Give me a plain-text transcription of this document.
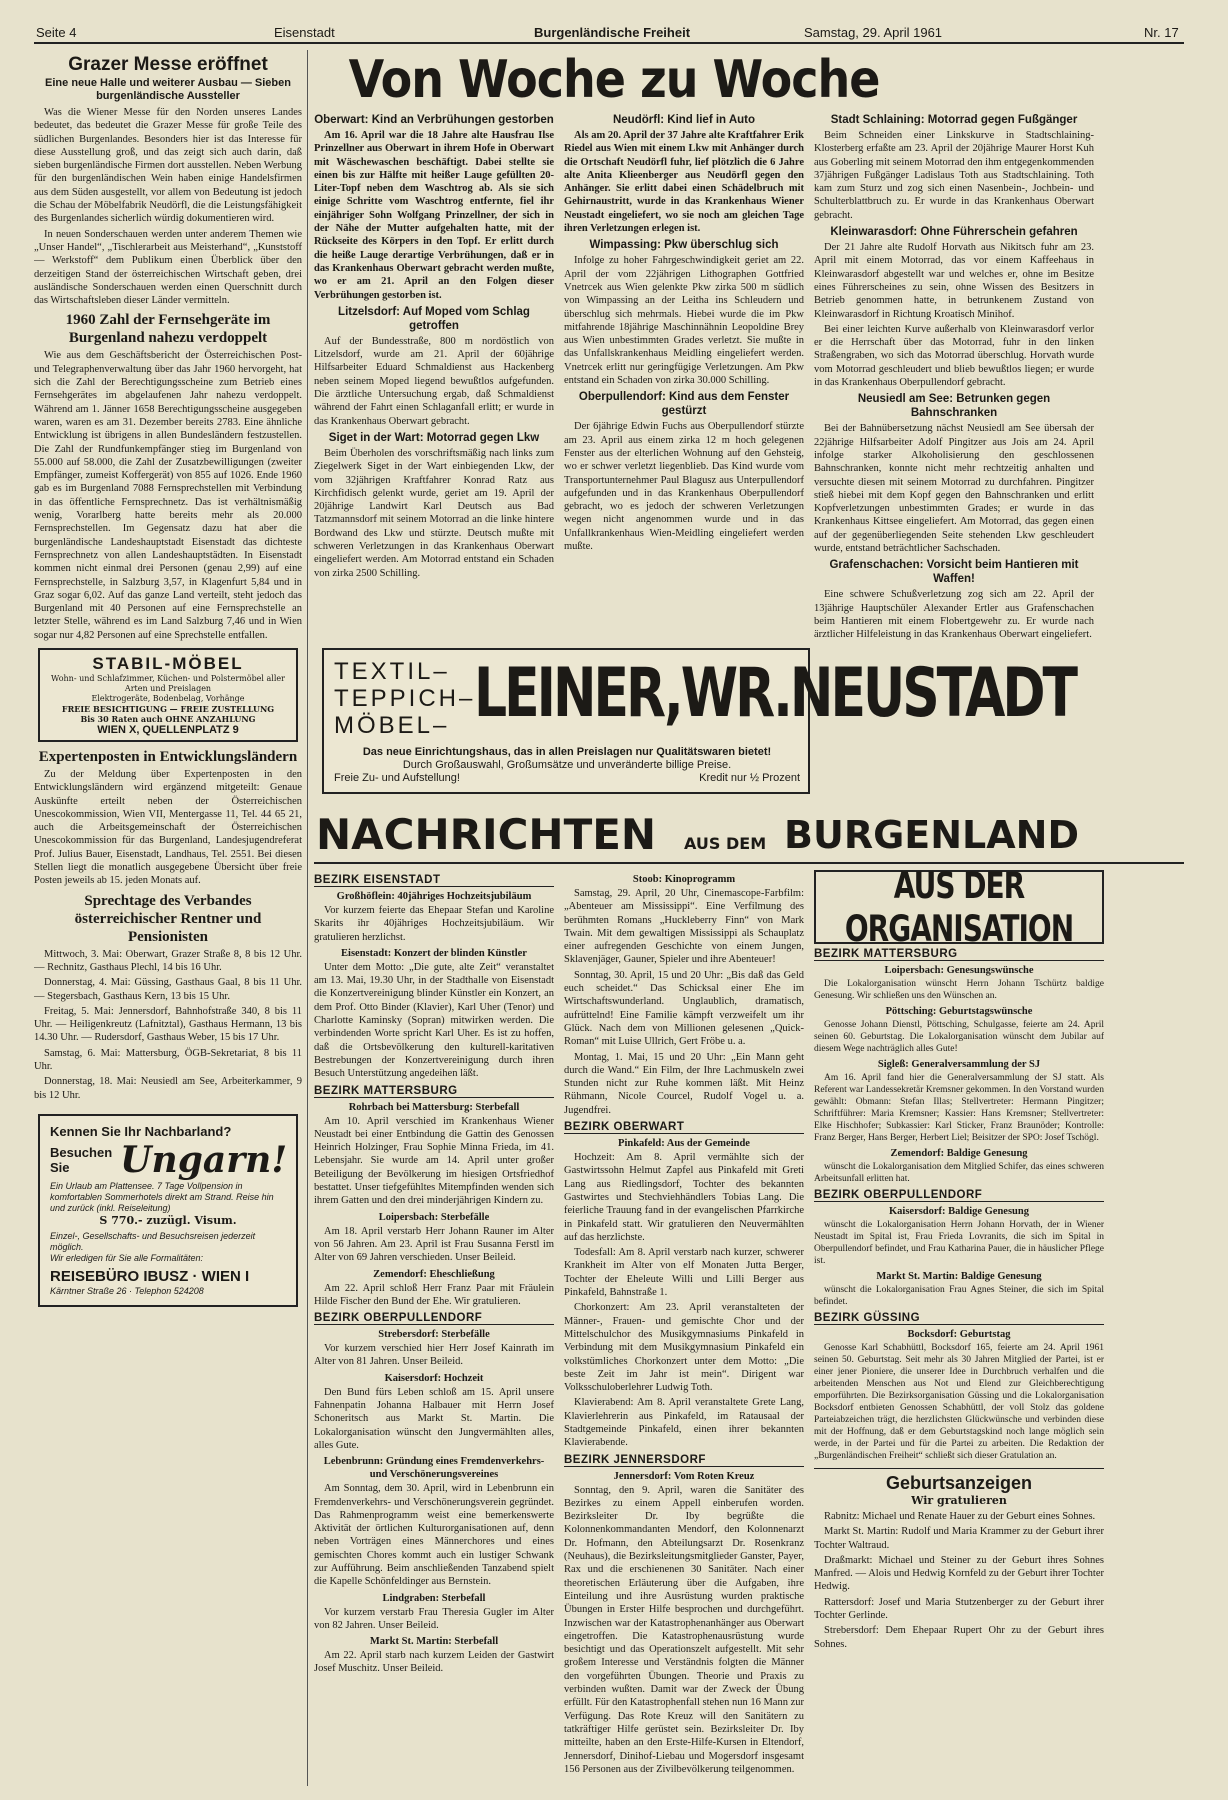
Seite 4	Eisenstadt	Burgenländische Freiheit	Samstag, 29. April 1961	Nr. 17
Grazer Messe eröffnet
Eine neue Halle und weiterer Ausbau — Sieben burgenländische Aussteller

Was die Wiener Messe für den Norden unseres Landes bedeutet, das bedeutet die Grazer Messe für große Teile des südlichen Burgenlandes. Besonders hier ist das Interesse für diese Ausstellung groß, und das zeigt sich auch darin, daß sieben burgenländische Firmen dort ausstellen. Neben Werbung für den burgenländischen Wein haben einige Handelsfirmen aus dem Süden ausgestellt, vor allem von Bedeutung ist jedoch die Schau der Möbelfabrik Neudörfl, die die Leistungsfähigkeit des Burgenlandes sicherlich würdig dokumentieren wird.

In neuen Sonderschauen werden unter anderem Themen wie „Unser Handel“, „Tischlerarbeit aus Meisterhand“, „Kunststoff — Werkstoff“ dem Publikum einen Überblick über den derzeitigen Stand der österreichischen Wirtschaft geben, drei ausländische Sonderschauen werden einen Querschnitt durch das Wirtschaftsleben dieser Länder vermitteln.

1960 Zahl der Fernsehgeräte im Burgenland nahezu verdoppelt

Wie aus dem Geschäftsbericht der Österreichischen Post- und Telegraphenverwaltung über das Jahr 1960 hervorgeht, hat sich die Zahl der Berechtigungsscheine zum Betrieb eines Fernsehgerätes im abgelaufenen Jahr nahezu verdoppelt. Während am 1. Jänner 1658 Berechtigungsscheine ausgegeben waren, waren es am 31. Dezember bereits 2783. Eine ähnliche Entwicklung ist übrigens in allen Bundesländern festzustellen. Die Zahl der Rundfunkempfänger stieg im Burgenland von 55.000 auf 58.000, die Zahl der Zusatzbewilligungen (zweiter Empfänger, zumeist Koffergerät) von 855 auf 1026. Ende 1960 gab es im Burgenland 7088 Fernsprechstellen mit Verbindung in das öffentliche Fernsprechnetz. Das ist verhältnismäßig wenig, Vorarlberg hatte bereits mehr als 20.000 Fernsprechstellen. Im Gegensatz dazu hat aber die burgenländische Landeshauptstadt Eisenstadt das dichteste Fernsprechnetz von allen Landeshauptstädten. In Eisenstadt kommen nicht einmal drei Personen (genau 2,99) auf eine Fernsprechstelle, in Salzburg 3,57, in Klagenfurt 5,84 und in Graz sogar 6,02. Auf das ganze Land verteilt, steht jedoch das Burgenland mit 40 Personen auf eine Fernsprechstelle an letzter Stelle, während es im Land Salzburg 7,46 und in Wien sogar nur 4,82 Personen auf eine Sprechstelle entfallen.

STABIL-MÖBEL
Wohn- und Schlafzimmer, Küchen- und Polstermöbel aller Arten und Preislagen
Elektrogeräte, Bodenbelag, Vorhänge
FREIE BESICHTIGUNG — FREIE ZUSTELLUNG
Bis 30 Raten auch OHNE ANZAHLUNG
WIEN X, QUELLENPLATZ 9
Expertenposten in Entwicklungsländern

Zu der Meldung über Expertenposten in den Entwicklungsländern wird ergänzend mitgeteilt: Genaue Auskünfte erteilt neben der Österreichischen Unescokommission, Wien VII, Mentergasse 11, Tel. 44 65 21, auch die Arbeitsgemeinschaft der Österreichischen Unescokommission für das Burgenland, Landesjugendreferat Prof. Julius Bauer, Eisenstadt, Landhaus, Tel. 2551. Bei diesen Stellen liegt die monatlich ausgegebene Übersicht über freie Posten jeweils ab 15. jeden Monats auf.

Sprechtage des Verbandes österreichischer Rentner und Pensionisten

Mittwoch, 3. Mai: Oberwart, Grazer Straße 8, 8 bis 12 Uhr. — Rechnitz, Gasthaus Plechl, 14 bis 16 Uhr.

Donnerstag, 4. Mai: Güssing, Gasthaus Gaal, 8 bis 11 Uhr. — Stegersbach, Gasthaus Kern, 13 bis 15 Uhr.

Freitag, 5. Mai: Jennersdorf, Bahnhofstraße 340, 8 bis 11 Uhr. — Heiligenkreutz (Lafnitztal), Gasthaus Hermann, 13 bis 14.30 Uhr. — Rudersdorf, Gasthaus Weber, 15 bis 17 Uhr.

Samstag, 6. Mai: Mattersburg, ÖGB-Sekretariat, 8 bis 11 Uhr.

Donnerstag, 18. Mai: Neusiedl am See, Arbeiterkammer, 9 bis 12 Uhr.

Kennen Sie Ihr Nachbarland?
Besuchen Sie	Ungarn!
Ein Urlaub am Plattensee. 7 Tage Vollpension in komfortablen Sommerhotels direkt am Strand. Reise hin und zurück (inkl. Reiseleitung)
S 770.- zuzügl. Visum.
Einzel-, Gesellschafts- und Besuchsreisen jederzeit möglich.
Wir erledigen für Sie alle Formalitäten:
REISEBÜRO IBUSZ · WIEN I
Kärntner Straße 26 · Telephon 524208
Von Woche zu Woche
Oberwart: Kind an Verbrühungen gestorben

Am 16. April war die 18 Jahre alte Hausfrau Ilse Prinzellner aus Oberwart in ihrem Hofe in Oberwart mit Wäschewaschen beschäftigt. Dabei stellte sie einen bis zur Hälfte mit heißer Lauge gefüllten 20-Liter-Topf neben dem Waschtrog ab. Als sie sich einige Schritte vom Waschtrog entfernte, fiel ihr einjähriger Sohn Wolfgang Prinzellner, der sich in der Nähe der Mutter aufgehalten hatte, mit der Rückseite des Körpers in den Topf. Er erlitt durch die heiße Lauge derartige Verbrühungen, daß er in das Krankenhaus Oberwart gebracht werden mußte, wo er am 21. April an den Folgen dieser Verbrühungen gestorben ist.

Litzelsdorf: Auf Moped vom Schlag getroffen

Auf der Bundesstraße, 800 m nordöstlich von Litzelsdorf, wurde am 21. April der 60jährige Hilfsarbeiter Eduard Schmaldienst aus Hackenberg neben seinem Moped liegend bewußtlos aufgefunden. Die ärztliche Untersuchung ergab, daß Schmaldienst während der Fahrt einen Schlaganfall erlitt; er wurde in das Krankenhaus Oberwart gebracht.

Siget in der Wart: Motorrad gegen Lkw

Beim Überholen des vorschriftsmäßig nach links zum Ziegelwerk Siget in der Wart einbiegenden Lkw, der vom 32jährigen Kraftfahrer Konrad Ratz aus Kirchfidisch gelenkt wurde, geriet am 19. April der 20jährige Landwirt Karl Deutsch aus Bad Tatzmannsdorf mit seinem Motorrad an die linke hintere Bordwand des Lkw und stürzte. Deutsch mußte mit schweren Verletzungen in das Krankenhaus Oberwart eingeliefert werden. Am Motorrad entstand ein Schaden von zirka 2500 Schilling.

Neudörfl: Kind lief in Auto

Als am 20. April der 37 Jahre alte Kraftfahrer Erik Riedel aus Wien mit einem Lkw mit Anhänger durch die Ortschaft Neudörfl fuhr, lief plötzlich die 6 Jahre alte Anita Klieenberger aus Neudörfl gegen den Anhänger. Sie erlitt dabei einen Schädelbruch mit Gehirnaustritt, wurde in das Krankenhaus Wiener Neustadt eingeliefert, wo sie noch am gleichen Tage ihren Verletzungen erlegen ist.

Wimpassing: Pkw überschlug sich

Infolge zu hoher Fahrgeschwindigkeit geriet am 22. April der vom 22jährigen Lithographen Gottfried Vnetrcek aus Wien gelenkte Pkw zirka 500 m südlich von Wimpassing an der Leitha ins Schleudern und überschlug sich mehrmals. Hiebei wurde die im Pkw mitfahrende 18jährige Maschinnähnin Leopoldine Brey aus Wien unbestimmten Grades verletzt. Sie mußte in das Unfallskrankenhaus Meidling eingeliefert werden. Vnetrcek erlitt nur geringfügige Verletzungen. Am Pkw entstand ein Schaden von zirka 30.000 Schilling.

Oberpullendorf: Kind aus dem Fenster gestürzt

Der 6jährige Edwin Fuchs aus Oberpullendorf stürzte am 23. April aus einem zirka 12 m hoch gelegenen Fenster aus der elterlichen Wohnung auf den Gehsteig, wo er schwer verletzt liegenblieb. Das Kind wurde vom Transportunternehmer Paul Blagusz aus Unterpullendorf aufgefunden und in das Krankenhaus Oberpullendorf gebracht, wo es jedoch der schweren Verletzungen wegen nicht angenommen wurde und in das Unfallkrankenhaus Wien-Meidling eingeliefert werden mußte.

Stadt Schlaining: Motorrad gegen Fußgänger

Beim Schneiden einer Linkskurve in Stadtschlaining-Klosterberg erfaßte am 23. April der 20jährige Maurer Horst Kuh aus Goberling mit seinem Motorrad den ihm entgegenkommenden 37jährigen Fußgänger Ladislaus Toth aus Stadtschlaining. Toth kam zum Sturz und zog sich einen Nasenbein-, Jochbein- und Schulterblattbruch zu. Er wurde in das Krankenhaus Oberwart gebracht.

Kleinwarasdorf: Ohne Führerschein gefahren

Der 21 Jahre alte Rudolf Horvath aus Nikitsch fuhr am 23. April mit einem Motorrad, das vor einem Kaffeehaus in Kleinwarasdorf abgestellt war und welches er, ohne im Besitze eines Führerscheines zu sein, ohne Wissen des Besitzers in Betrieb genommen hatte, in betrunkenem Zustand von Kleinwarasdorf in Richtung Kroatisch Minihof.

Bei einer leichten Kurve außerhalb von Kleinwarasdorf verlor er die Herrschaft über das Motorrad, fuhr in den linken Straßengraben, wo sich das Motorrad überschlug. Horvath wurde vom Motorrad geschleudert und blieb bewußtlos liegen; er wurde in das Krankenhaus Oberpullendorf gebracht.

Neusiedl am See: Betrunken gegen Bahnschranken

Bei der Bahnübersetzung nächst Neusiedl am See übersah der 22jährige Hilfsarbeiter Adolf Pingitzer aus Jois am 24. April infolge starker Alkoholisierung den geschlossenen Bahnschranken, konnte nicht mehr rechtzeitig anhalten und versuchte diesen mit seinem Motorrad zu durchfahren. Pingitzer stieß hiebei mit dem Kopf gegen den Bahnschranken und erlitt Kopfverletzungen unbestimmten Grades; er wurde in das Krankenhaus Kittsee eingeliefert. Am Motorrad, das gegen einen auf der gegenüberliegenden Seite stehenden Lkw geschleudert wurde, entstand beträchtlicher Sachschaden.

Grafenschachen: Vorsicht beim Hantieren mit Waffen!

Eine schwere Schußverletzung zog sich am 22. April der 13jährige Hauptschüler Alexander Ertler aus Grafenschachen beim Hantieren mit einem Flobertgewehr zu. Er wurde nach ärztlicher Hilfeleistung in das Krankenhaus Oberwart eingeliefert.

TEXTIL–
TEPPICH–
MÖBEL– LEINER,WR.NEUSTADT
Das neue Einrichtungshaus, das in allen Preislagen nur Qualitätswaren bietet!
Durch Großauswahl, Großumsätze und unveränderte billige Preise.
Freie Zu- und Aufstellung!	Kredit nur ½ Prozent
NACHRICHTEN AUS DEM BURGENLAND
BEZIRK EISENSTADT
Großhöflein: 40jähriges Hochzeitsjubiläum

Vor kurzem feierte das Ehepaar Stefan und Karoline Skarits ihr 40jähriges Hochzeitsjubiläum. Wir gratulieren herzlichst.

Eisenstadt: Konzert der blinden Künstler

Unter dem Motto: „Die gute, alte Zeit“ veranstaltet am 13. Mai, 19.30 Uhr, in der Stadthalle von Eisenstadt die Konzertvereinigung blinder Künstler ein Konzert, an dem Prof. Otto Binder (Klavier), Karl Uher (Tenor) und Charlotte Kaminsky (Sopran) mitwirken werden. Die verbindenden Worte spricht Karl Uher. Es ist zu hoffen, daß die Ortsbevölkerung den kulturell-karitativen Bestrebungen der Konzertvereinigung durch ihren Besuch Unterstützung angedeihen läßt.

BEZIRK MATTERSBURG
Rohrbach bei Mattersburg: Sterbefall

Am 10. April verschied im Krankenhaus Wiener Neustadt bei einer Entbindung die Gattin des Genossen Heinrich Holzinger, Frau Sophie Minna Frieda, im 41. Lebensjahr. Sie wurde am 14. April unter großer Beteiligung der Bevölkerung im hiesigen Ortsfriedhof bestattet. Unser tiefgefühltes Mitempfinden wenden sich ihrem Gatten und den drei minderjährigen Kindern zu.

Loipersbach: Sterbefälle

Am 18. April verstarb Herr Johann Rauner im Alter von 56 Jahren. Am 23. April ist Frau Susanna Ferstl im Alter von 69 Jahren verschieden. Unser Beileid.

Zemendorf: Eheschließung

Am 22. April schloß Herr Franz Paar mit Fräulein Hilde Fischer den Bund der Ehe. Wir gratulieren.

BEZIRK OBERPULLENDORF
Strebersdorf: Sterbefälle

Vor kurzem verschied hier Herr Josef Kainrath im Alter von 81 Jahren. Unser Beileid.

Kaisersdorf: Hochzeit

Den Bund fürs Leben schloß am 15. April unsere Fahnenpatin Johanna Halbauer mit Herrn Josef Schoneritsch aus Markt St. Martin. Die Lokalorganisation wünscht den Jungvermählten alles, alles Gute.

Lebenbrunn: Gründung eines Fremdenverkehrs- und Verschönerungsvereines

Am Sonntag, dem 30. April, wird in Lebenbrunn ein Fremdenverkehrs- und Verschönerungsverein gegründet. Das Rahmenprogramm weist eine bemerkenswerte Aktivität der örtlichen Kulturorganisationen auf, denn neben Vorträgen eines Männerchores und eines gemischten Chores kommt auch ein lustiger Schwank zur Aufführung. Beim anschließenden Tanzabend spielt die Kapelle Schönfeldinger aus Bernstein.

Lindgraben: Sterbefall

Vor kurzem verstarb Frau Theresia Gugler im Alter von 82 Jahren. Unser Beileid.

Markt St. Martin: Sterbefall

Am 22. April starb nach kurzem Leiden der Gastwirt Josef Muschitz. Unser Beileid.

Stoob: Kinoprogramm

Samstag, 29. April, 20 Uhr, Cinemascope-Farbfilm: „Abenteuer am Mississippi“. Eine Verfilmung des berühmten Romans „Huckleberry Finn“ von Mark Twain. Mit dem gewaltigen Mississippi als Schauplatz einer aufregenden Geschichte von einem Jungen, Sklavenjäger, Gauner, Spieler und ihre Abenteuer!

Sonntag, 30. April, 15 und 20 Uhr: „Bis daß das Geld euch scheidet.“ Das Schicksal einer Ehe im Wirtschaftswunderland. Unglaublich, dramatisch, aufrüttelnd! Eine Familie kämpft verzweifelt um ihr Glück. Nach dem von Millionen gelesenen „Quick-Roman“ mit Luise Ullrich, Gert Fröbe u. a.

Montag, 1. Mai, 15 und 20 Uhr: „Ein Mann geht durch die Wand.“ Ein Film, der Ihre Lachmuskeln zwei Stunden nicht zur Ruhe kommen läßt. Mit Heinz Rühmann, Nicole Courcel, Rudolf Vogel u. a. Jugendfrei.

BEZIRK OBERWART
Pinkafeld: Aus der Gemeinde

Hochzeit: Am 8. April vermählte sich der Gastwirtssohn Helmut Zapfel aus Pinkafeld mit Greti Lang aus Riedlingsdorf, Tochter des bekannten Gastwirtes und Stechviehhändlers Tobias Lang. Die feierliche Trauung fand in der evangelischen Pfarrkirche in Pinkafeld statt. Wir gratulieren den Neuvermählten auf das herzlichste.

Todesfall: Am 8. April verstarb nach kurzer, schwerer Krankheit im Alter von elf Monaten Jutta Berger, Tochter der Eheleute Willi und Lilli Berger aus Pinkafeld, Bahnstraße 1.

Chorkonzert: Am 23. April veranstalteten der Männer-, Frauen- und gemischte Chor und der Mittelschulchor des Musikgymnasiums Pinkafeld in Verbindung mit dem Musikgymnasium Pinkafeld ein volkstümliches Chorkonzert unter dem Motto: „Die beste Zeit im Jahr ist mein“. Dirigent war Volksschuloberlehrer Ludwig Toth.

Klavierabend: Am 8. April veranstaltete Grete Lang, Klavierlehrerin aus Pinkafeld, im Ratausaal der Stadtgemeinde Pinkafeld, einen ihrer bekannten Klavierabende.

BEZIRK JENNERSDORF
Jennersdorf: Vom Roten Kreuz

Sonntag, den 9. April, waren die Sanitäter des Bezirkes zu einem Appell einberufen worden. Bezirksleiter Dr. Iby begrüßte die Kolonnenkommandanten Mendorf, den Kolonnenarzt Dr. Hofmann, den Abteilungsarzt Dr. Rosenkranz (Neuhaus), die Bezirksleitungsmitglieder Ganster, Payer, Rax und die erschienenen 30 Sanitäter. Nach einer theoretischen Erläuterung über die Aufgaben, ihre Einteilung und ihre Ausrüstung wurden praktische Übungen in Erster Hilfe besprochen und durchgeführt. Inzwischen war der Katastrophenanhänger aus Oberwart eingetroffen. Die Katastrophenausrüstung wurde besichtigt und das Operationszelt aufgestellt. Mit sehr großem Interesse und Verständnis folgten die Männer den vorgeführten Übungen. Theorie und Praxis zu verbinden wußten. Damit war der Zweck der Übung erfüllt. Für den Katastrophenfall stehen nun 16 Mann zur Verfügung. Das Rote Kreuz will den Sanitätern zu tatkräftiger Hilfe gerüstet sein. Bezirksleiter Dr. Iby mitteilte, haben an den Erste-Hilfe-Kursen in Eltendorf, Jennersdorf, Dinihof-Liebau und Mogersdorf insgesamt 156 Personen aus der Zivilbevölkerung teilgenommen.

AUS DER ORGANISATION
BEZIRK MATTERSBURG
Loipersbach: Genesungswünsche

Die Lokalorganisation wünscht Herrn Johann Tschürtz baldige Genesung. Wir schließen uns den Wünschen an.

Pöttsching: Geburtstagswünsche

Genosse Johann Dienstl, Pöttsching, Schulgasse, feierte am 24. April seinen 60. Geburtstag. Die Lokalorganisation wünscht dem Jubilar auf diesem Wege nachträglich alles Gute!

Sigleß: Generalversammlung der SJ

Am 16. April fand hier die Generalversammlung der SJ statt. Als Referent war Landessekretär Kremsner gekommen. In den Vorstand wurden gewählt: Obmann: Stefan Illas; Stellvertreter: Hermann Pingitzer; Schriftführer: Maria Kremsner; Kassier: Hans Kremsner; Stellvertreter: Elke Hischhofer; Subkassier: Karl Sticker, Franz Braunöder; Kontrolle: Franz Berger, Hans Berger, Herbert Liel; Beisitzer der SPO: Josef Tschögl.

Zemendorf: Baldige Genesung

wünscht die Lokalorganisation dem Mitglied Schifer, das eines schweren Arbeitsunfall erlitten hat.

BEZIRK OBERPULLENDORF
Kaisersdorf: Baldige Genesung

wünscht die Lokalorganisation Herrn Johann Horvath, der in Wiener Neustadt im Spital ist, Frau Frieda Lovranits, die sich im Spital in Oberpullendorf befindet, und Frau Katharina Pauer, die in häuslicher Pflege ist.

Markt St. Martin: Baldige Genesung

wünscht die Lokalorganisation Frau Agnes Steiner, die sich im Spital befindet.

BEZIRK GÜSSING
Bocksdorf: Geburtstag

Genosse Karl Schabhüttl, Bocksdorf 165, feierte am 24. April 1961 seinen 50. Geburtstag. Seit mehr als 30 Jahren Mitglied der Partei, ist er einer jener Pioniere, die unserer Idee in Durchbruch verhalfen und die arbeitenden Menschen aus Not und Elend zur Gleichberechtigung emporführten. Die Bezirksorganisation Güssing und die Lokalorganisation Bocksdorf entbieten Genossen Schabhüttl, der voll Stolz das goldene Parteiabzeichen trägt, die herzlichsten Glückwünsche und verbinden diese mit der Hoffnung, daß er dem Geburtstagskind noch lange möglich sein werde, in der Partei und für die Partei zu arbeiten. Die Redaktion der „Burgenländischen Freiheit“ schließt sich dieser Gratulation an.

Geburtsanzeigen
Wir gratulieren

Rabnitz: Michael und Renate Hauer zu der Geburt eines Sohnes.

Markt St. Martin: Rudolf und Maria Krammer zu der Geburt ihrer Tochter Waltraud.

Draßmarkt: Michael und Steiner zu der Geburt ihres Sohnes Manfred. — Alois und Hedwig Kornfeld zu der Geburt ihrer Tochter Hedwig.

Rattersdorf: Josef und Maria Stutzenberger zu der Geburt ihrer Tochter Gerlinde.

Strebersdorf: Dem Ehepaar Rupert Ohr zu der Geburt ihres Sohnes.
